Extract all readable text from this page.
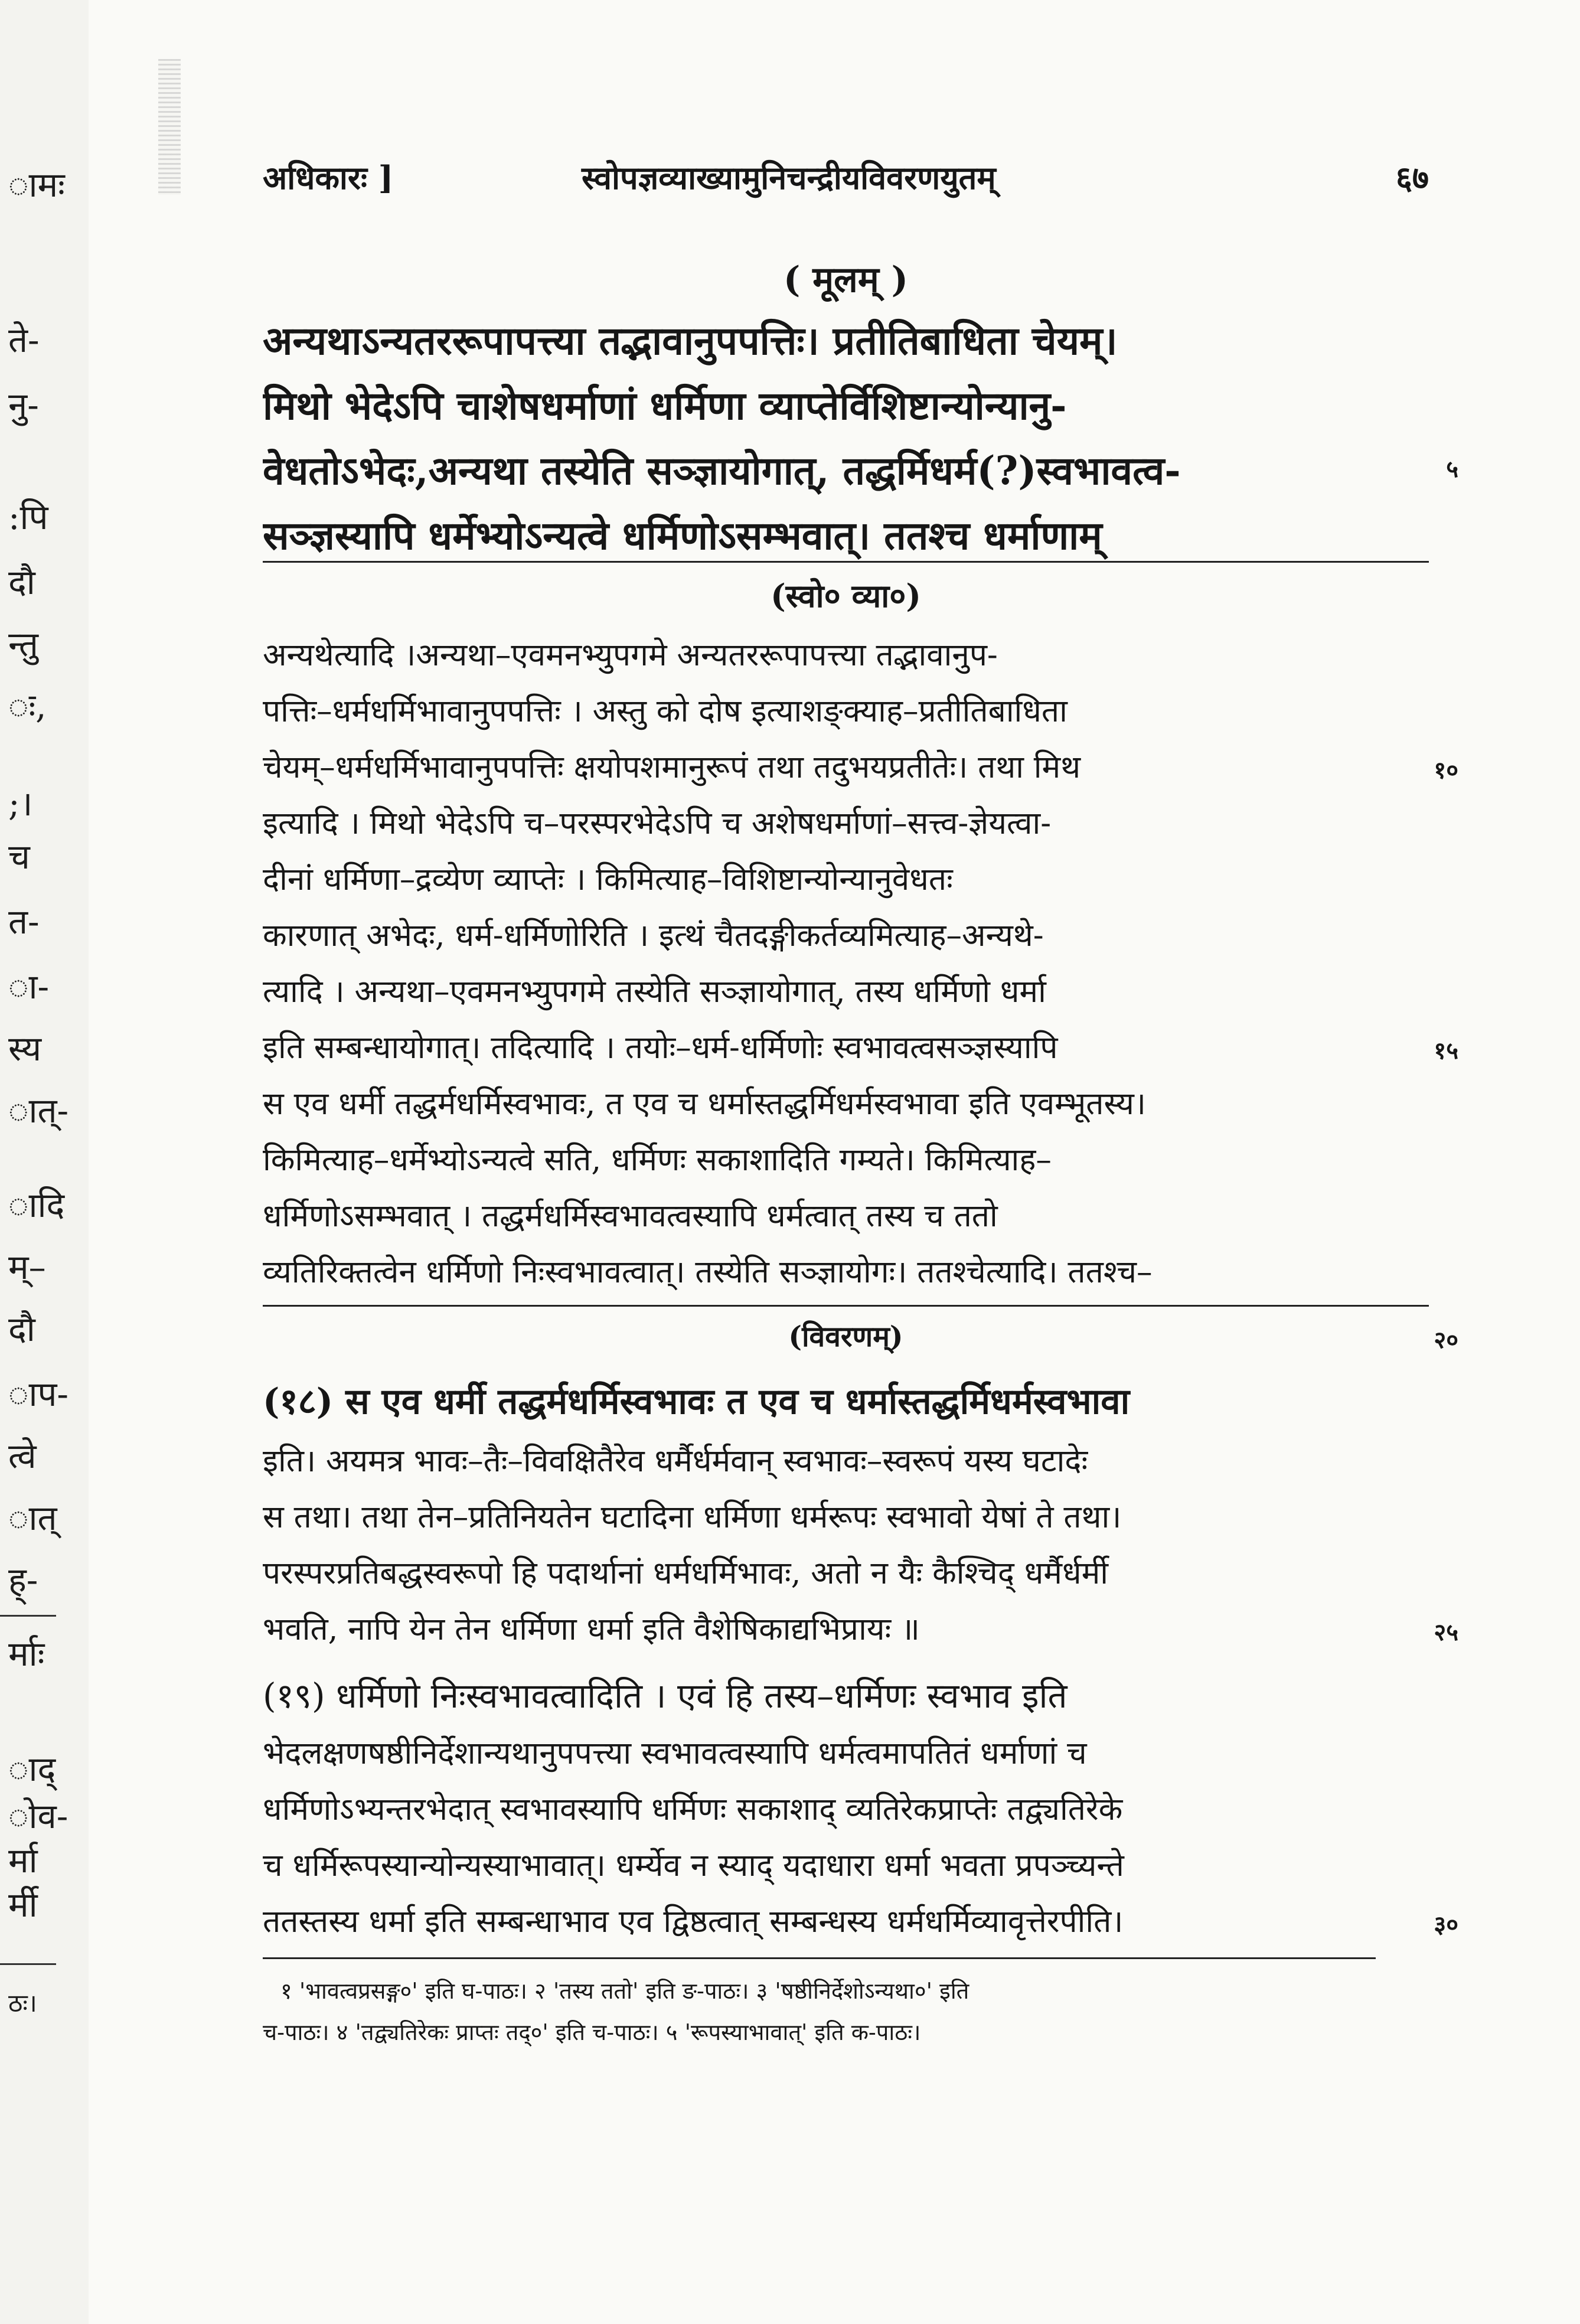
ामः
ते-
नु-
:पि
दौ
न्तु
ः,
;।
च
त-
ा-
स्य
ात्-
ादि
म्–
दौ
ाप-
त्वे
ात्
ह्-
र्माः
ाद्
ोव-
र्मा
र्मी
ठः।
अधिकारः ]	स्वोपज्ञव्याख्यामुनिचन्द्रीयविवरणयुतम्	६७
( मूलम् )
अन्यथाऽन्यतररूपापत्त्या तद्भावानुपपत्तिः। प्रतीतिबाधिता चेयम्।
मिथो भेदेऽपि चाशेषधर्माणां धर्मिणा व्याप्तेर्विशिष्टान्योन्यानु-
वेधतोऽभेदः,अन्यथा तस्येति सञ्ज्ञायोगात्, तद्धर्मिधर्म(?)स्वभावत्व-	५
सञ्ज्ञस्यापि धर्मेभ्योऽन्यत्वे धर्मिणोऽसम्भवात्। ततश्च धर्माणाम्
(स्वो० व्या०)
अन्यथेत्यादि ।अन्यथा–एवमनभ्युपगमे अन्यतररूपापत्त्या तद्भावानुप-
पत्तिः–धर्मधर्मिभावानुपपत्तिः । अस्तु को दोष इत्याशङ्क्याह–प्रतीतिबाधिता
चेयम्–धर्मधर्मिभावानुपपत्तिः क्षयोपशमानुरूपं तथा तदुभयप्रतीतेः। तथा मिथ	१०
इत्यादि । मिथो भेदेऽपि च–परस्परभेदेऽपि च अशेषधर्माणां–सत्त्व-ज्ञेयत्वा-
दीनां धर्मिणा–द्रव्येण व्याप्तेः । किमित्याह–विशिष्टान्योन्यानुवेधतः
कारणात् अभेदः, धर्म-धर्मिणोरिति । इत्थं चैतदङ्गीकर्तव्यमित्याह–अन्यथे-
त्यादि । अन्यथा–एवमनभ्युपगमे तस्येति सञ्ज्ञायोगात्, तस्य धर्मिणो धर्मा
इति सम्बन्धायोगात्। तदित्यादि । तयोः–धर्म-धर्मिणोः स्वभावत्वसञ्ज्ञस्यापि	१५
स एव धर्मी तद्धर्मधर्मिस्वभावः, त एव च धर्मास्तद्धर्मिधर्मस्वभावा इति एवम्भूतस्य।
किमित्याह–धर्मेभ्योऽन्यत्वे सति, धर्मिणः सकाशादिति गम्यते। किमित्याह–
धर्मिणोऽसम्भवात् । तद्धर्मधर्मिस्वभावत्वस्यापि धर्मत्वात् तस्य च ततो
व्यतिरिक्तत्वेन धर्मिणो निःस्वभावत्वात्। तस्येति सञ्ज्ञायोगः। ततश्चेत्यादि। ततश्च–
(विवरणम्)	२०
(१८) स एव धर्मी तद्धर्मधर्मिस्वभावः त एव च धर्मास्तद्धर्मिधर्मस्वभावा
इति। अयमत्र भावः–तैः–विवक्षितैरेव धर्मैर्धर्मवान् स्वभावः–स्वरूपं यस्य घटादेः
स तथा। तथा तेन–प्रतिनियतेन घटादिना धर्मिणा धर्मरूपः स्वभावो येषां ते तथा।
परस्परप्रतिबद्धस्वरूपो हि पदार्थानां धर्मधर्मिभावः, अतो न यैः कैश्चिद् धर्मैर्धर्मी
भवति, नापि येन तेन धर्मिणा धर्मा इति वैशेषिकाद्यभिप्रायः ॥	२५
(१९) धर्मिणो निःस्वभावत्वादिति । एवं हि तस्य–धर्मिणः स्वभाव इति
भेदलक्षणषष्ठीनिर्देशान्यथानुपपत्त्या स्वभावत्वस्यापि धर्मत्वमापतितं धर्माणां च
धर्मिणोऽभ्यन्तरभेदात् स्वभावस्यापि धर्मिणः सकाशाद् व्यतिरेकप्राप्तेः तद्व्यतिरेके
च धर्मिरूपस्यान्योन्यस्याभावात्। धर्म्येव न स्याद् यदाधारा धर्मा भवता प्रपञ्च्यन्ते
ततस्तस्य धर्मा इति सम्बन्धाभाव एव द्विष्ठत्वात् सम्बन्धस्य धर्मधर्मिव्यावृत्तेरपीति।	३०
१ 'भावत्वप्रसङ्ग०' इति घ-पाठः। २ 'तस्य ततो' इति ङ-पाठः। ३ 'षष्ठीनिर्देशोऽन्यथा०' इति
च-पाठः। ४ 'तद्व्यतिरेकः प्राप्तः तद्०' इति च-पाठः। ५ 'रूपस्याभावात्' इति क-पाठः।
